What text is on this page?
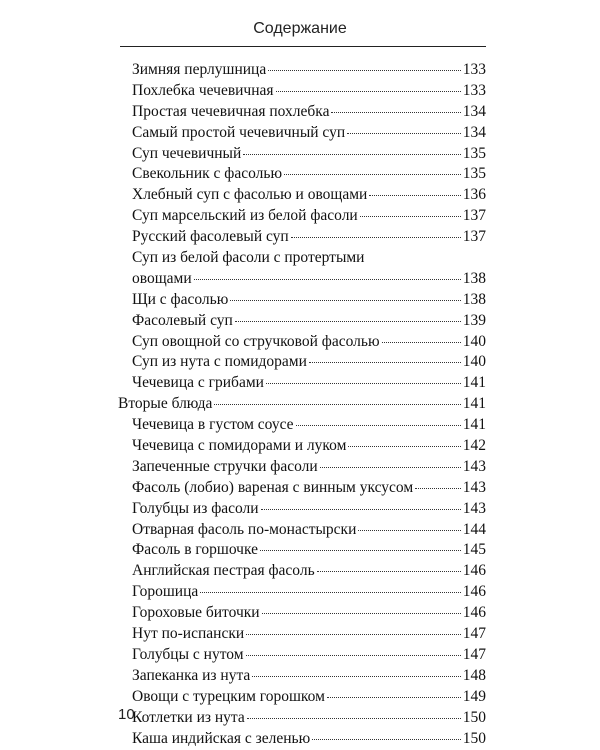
Содержание
Зимняя перлушница	133
Похлебка чечевичная	133
Простая чечевичная похлебка	134
Самый простой чечевичный суп	134
Суп чечевичный	135
Свекольник с фасолью	135
Хлебный суп с фасолью и овощами	136
Суп марсельский из белой фасоли	137
Русский фасолевый суп	137
Суп из белой фасоли с протертыми
овощами	138
Щи с фасолью	138
Фасолевый суп	139
Суп овощной со стручковой фасолью	140
Суп из нута с помидорами	140
Чечевица с грибами	141
Вторые блюда	141
Чечевица в густом соусе	141
Чечевица с помидорами и луком	142
Запеченные стручки фасоли	143
Фасоль (лобио) вареная с винным уксусом	143
Голубцы из фасоли	143
Отварная фасоль по-монастырски	144
Фасоль в горшочке	145
Английская пестрая фасоль	146
Горошица	146
Гороховые биточки	146
Нут по-испански	147
Голубцы с нутом	147
Запеканка из нута	148
Овощи с турецким горошком	149
Котлетки из нута	150
Каша индийская с зеленью	150
10
